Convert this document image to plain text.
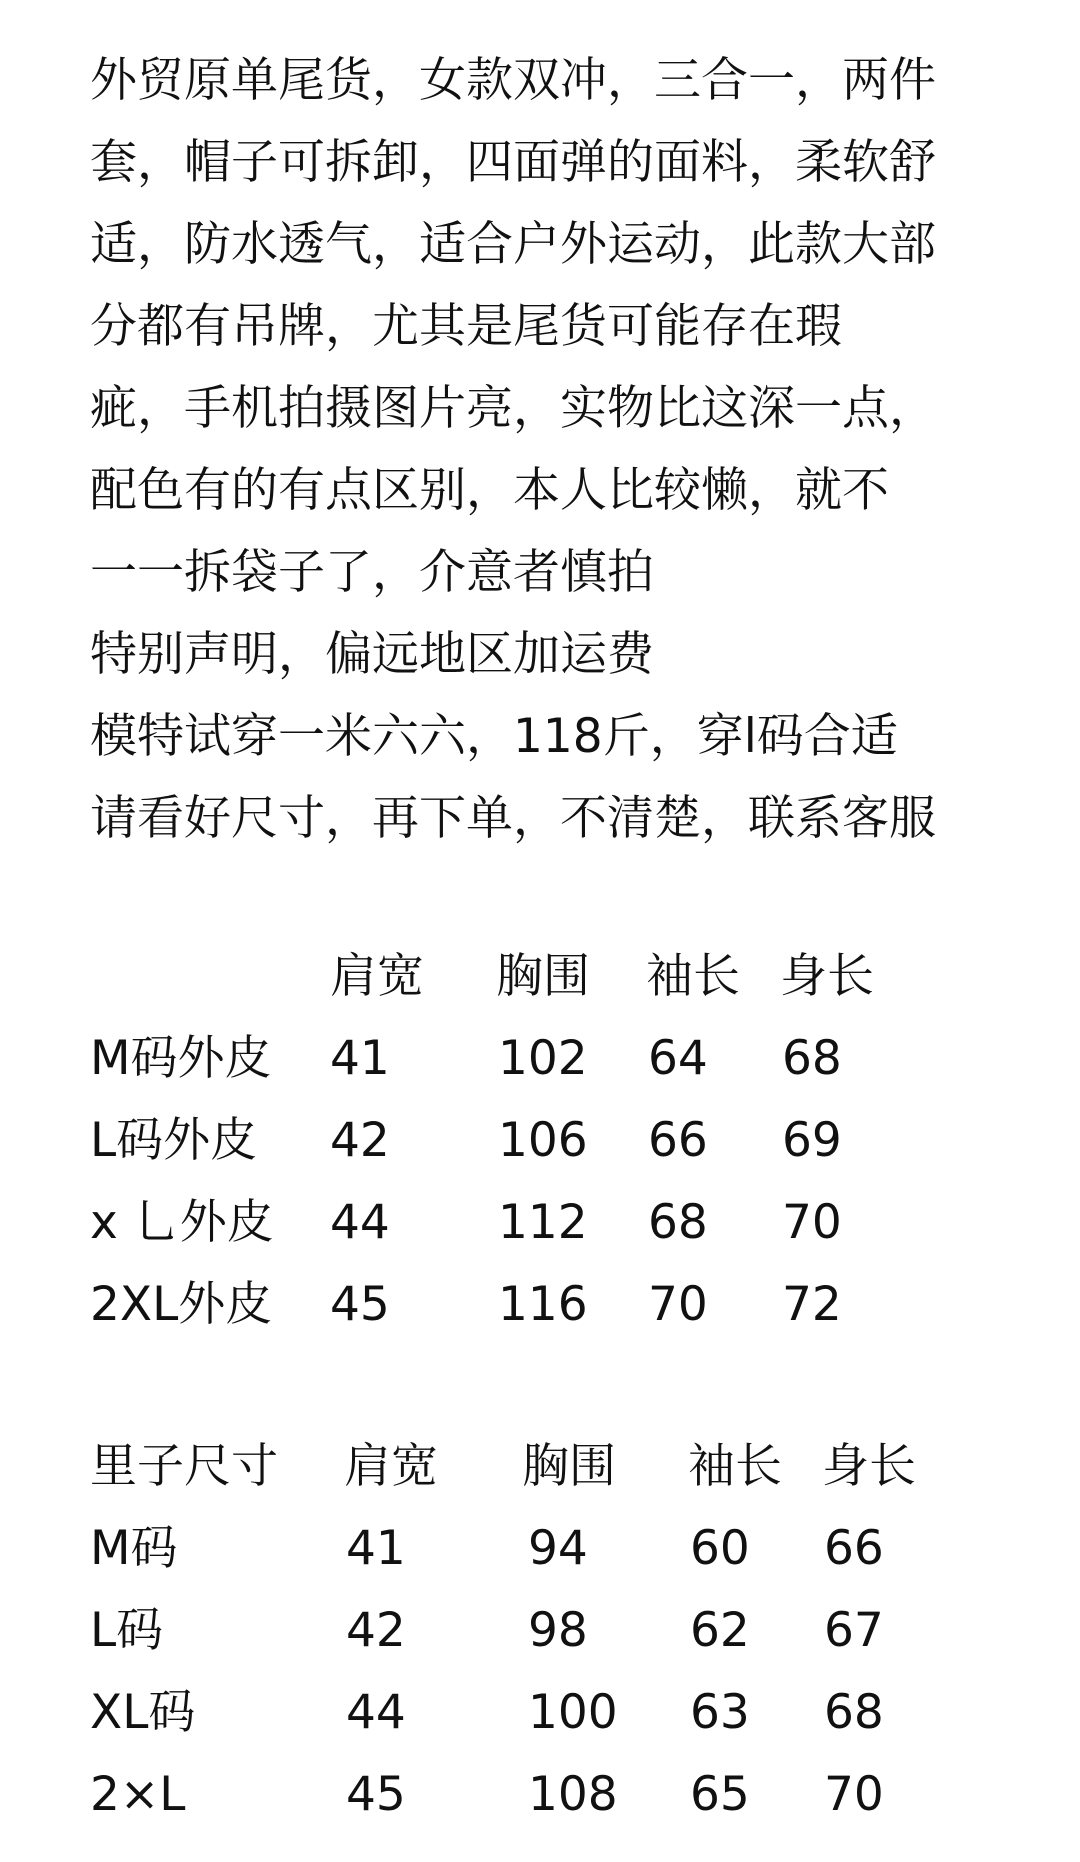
外贸原单尾货，女款双冲，三合一，两件
套，帽子可拆卸，四面弹的面料，柔软舒
适，防水透气，适合户外运动，此款大部
分都有吊牌，尤其是尾货可能存在瑕
疵，手机拍摄图片亮，实物比这深一点，
配色有的有点区别，本人比较懒，就不
一一拆袋子了，介意者慎拍
特别声明，偏远地区加运费
模特试穿一米六六，118斤，穿l码合适
请看好尺寸，再下单，不清楚，联系客服
肩宽 胸围 袖长 身长
M码外皮 41 102 64 68
L码外皮 42 106 66 69
x 乚外皮 44 112 68 70
2XL外皮 45 116 70 72
里子尺寸 肩宽 胸围 袖长 身长
M码	41	94 60 66
L码	42	98 62 67
XL码	44	100 63 68
2×L	45	108 65 70
